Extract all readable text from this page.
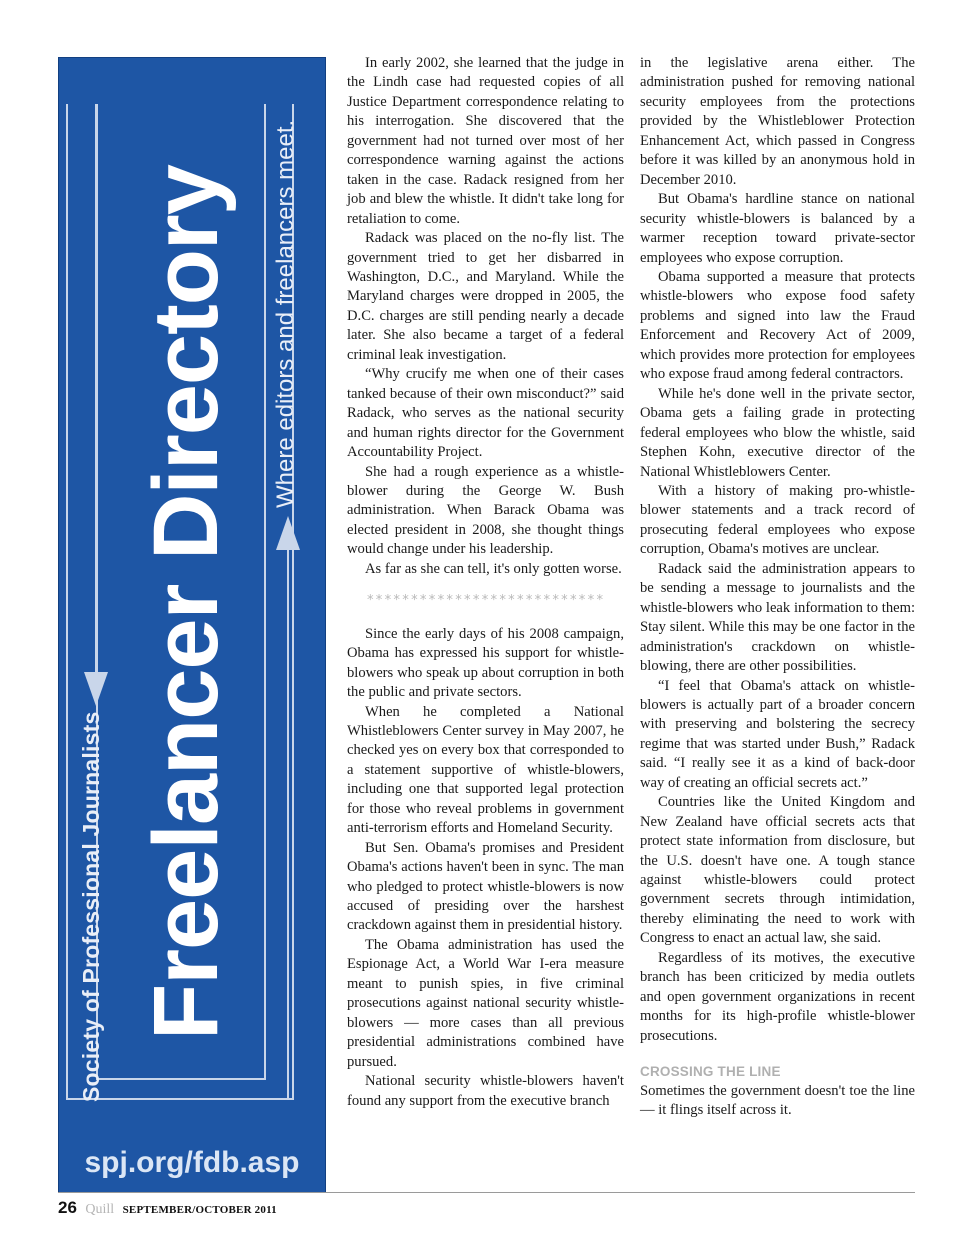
Society of Professional Journalists Freelancer Directory Where editors and freelancers meet.
spj.org/fdb.asp

In early 2002, she learned that the judge in the Lindh case had requested copies of all Justice Department correspondence relating to his interrogation. She discovered that the government had not turned over most of her correspondence warning against the actions taken in the case. Radack resigned from her job and blew the whistle. It didn't take long for retaliation to come.

Radack was placed on the no-fly list. The government tried to get her disbarred in Washington, D.C., and Maryland. While the Maryland charges were dropped in 2005, the D.C. charges are still pending nearly a decade later. She also became a target of a federal criminal leak investigation.

“Why crucify me when one of their cases tanked because of their own misconduct?” said Radack, who serves as the national security and human rights director for the Government Accountability Project.

She had a rough experience as a whistle-blower during the George W. Bush administration. When Barack Obama was elected president in 2008, she thought things would change under his leadership.

As far as she can tell, it's only gotten worse.

***************************

Since the early days of his 2008 campaign, Obama has expressed his support for whistle-blowers who speak up about corruption in both the public and private sectors.

When he completed a National Whistleblowers Center survey in May 2007, he checked yes on every box that corresponded to a statement supportive of whistle-blowers, including one that supported legal protection for those who reveal problems in government anti-terrorism efforts and Homeland Security.

But Sen. Obama's promises and President Obama's actions haven't been in sync. The man who pledged to protect whistle-blowers is now accused of presiding over the harshest crackdown against them in presidential history.

The Obama administration has used the Espionage Act, a World War I-era measure meant to punish spies, in five criminal prosecutions against national security whistle-blowers — more cases than all previous presidential administrations combined have pursued.

National security whistle-blowers haven't found any support from the executive branch

in the legislative arena either. The administration pushed for removing national security employees from the protections provided by the Whistleblower Protection Enhancement Act, which passed in Congress before it was killed by an anonymous hold in December 2010.

But Obama's hardline stance on national security whistle-blowers is balanced by a warmer reception toward private-sector employees who expose corruption.

Obama supported a measure that protects whistle-blowers who expose food safety problems and signed into law the Fraud Enforcement and Recovery Act of 2009, which provides more protection for employees who expose fraud among federal contractors.

While he's done well in the private sector, Obama gets a failing grade in protecting federal employees who blow the whistle, said Stephen Kohn, executive director of the National Whistleblowers Center.

With a history of making pro-whistle-blower statements and a track record of prosecuting federal employees who expose corruption, Obama's motives are unclear.

Radack said the administration appears to be sending a message to journalists and the whistle-blowers who leak information to them: Stay silent. While this may be one factor in the administration's crackdown on whistle-blowing, there are other possibilities.

“I feel that Obama's attack on whistle-blowers is actually part of a broader concern with preserving and bolstering the secrecy regime that was started under Bush,” Radack said. “I really see it as a kind of back-door way of creating an official secrets act.”

Countries like the United Kingdom and New Zealand have official secrets acts that protect state information from disclosure, but the U.S. doesn't have one. A tough stance against whistle-blowers could protect government secrets through intimidation, thereby eliminating the need to work with Congress to enact an actual law, she said.

Regardless of its motives, the executive branch has been criticized by media outlets and open government organizations in recent months for its high-profile whistle-blower prosecutions.

CROSSING THE LINE

Sometimes the government doesn't toe the line — it flings itself across it.

26 Quill SEPTEMBER/OCTOBER 2011
